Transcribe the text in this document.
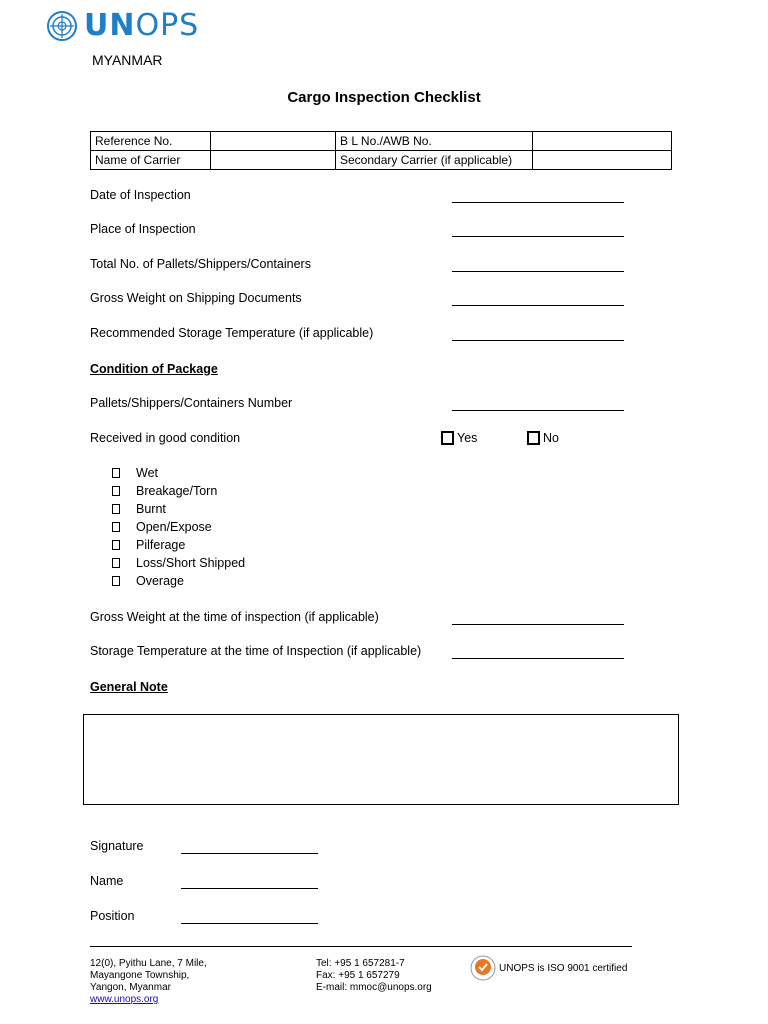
UNOPS
MYANMAR
Cargo Inspection Checklist
Reference No.		B L No./AWB No.	
Name of Carrier		Secondary Carrier (if applicable)	
Date of Inspection
Place of Inspection
Total No. of Pallets/Shippers/Containers
Gross Weight on Shipping Documents
Recommended Storage Temperature (if applicable)
Condition of Package
Pallets/Shippers/Containers Number
Received in good condition	Yes	No
Wet
Breakage/Torn
Burnt
Open/Expose
Pilferage
Loss/Short Shipped
Overage
Gross Weight at the time of inspection (if applicable)
Storage Temperature at the time of Inspection (if applicable)
General Note
Signature
Name
Position
12(0), Pyithu Lane, 7 Mile,
Mayangone Township,
Yangon, Myanmar
www.unops.org
Tel: +95 1 657281-7
Fax: +95 1 657279
E-mail: mmoc@unops.org
UNOPS is ISO 9001 certified
